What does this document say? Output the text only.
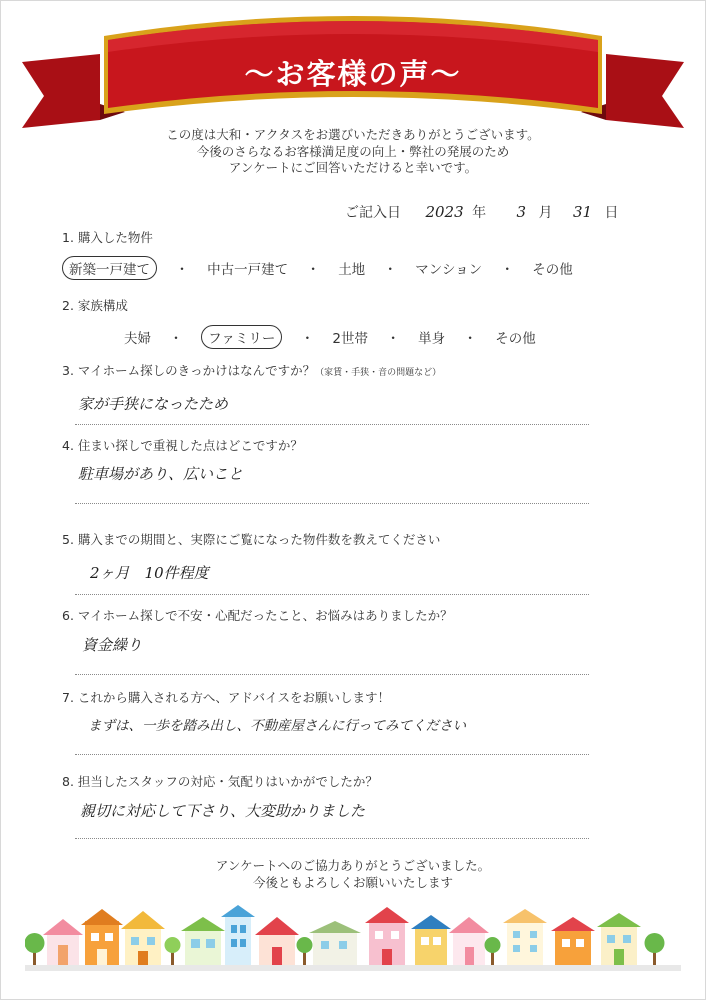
～お客様の声～
この度は大和・アクタスをお選びいただきありがとうございます。
今後のさらなるお客様満足度の向上・弊社の発展のため
アンケートにご回答いただけると幸いです。
ご記入日 2023 年 3 月 31 日
1. 購入した物件
新築一戸建て ・ 中古一戸建て ・ 土地 ・ マンション ・ その他
2. 家族構成
夫婦 ・ ファミリー ・ 2世帯 ・ 単身 ・ その他
3. マイホーム探しのきっかけはなんですか？（家賃・手狭・音の問題など）
家が手狭になったため
4. 住まい探しで重視した点はどこですか？
駐車場があり、広いこと
5. 購入までの期間と、実際にご覧になった物件数を教えてください
2ヶ月　10件程度
6. マイホーム探しで不安・心配だったこと、お悩みはありましたか？
資金繰り
7. これから購入される方へ、アドバイスをお願いします！
まずは、一歩を踏み出し、不動産屋さんに行ってみてください
8. 担当したスタッフの対応・気配りはいかがでしたか？
親切に対応して下さり、大変助かりました
アンケートへのご協力ありがとうございました。
今後ともよろしくお願いいたします
